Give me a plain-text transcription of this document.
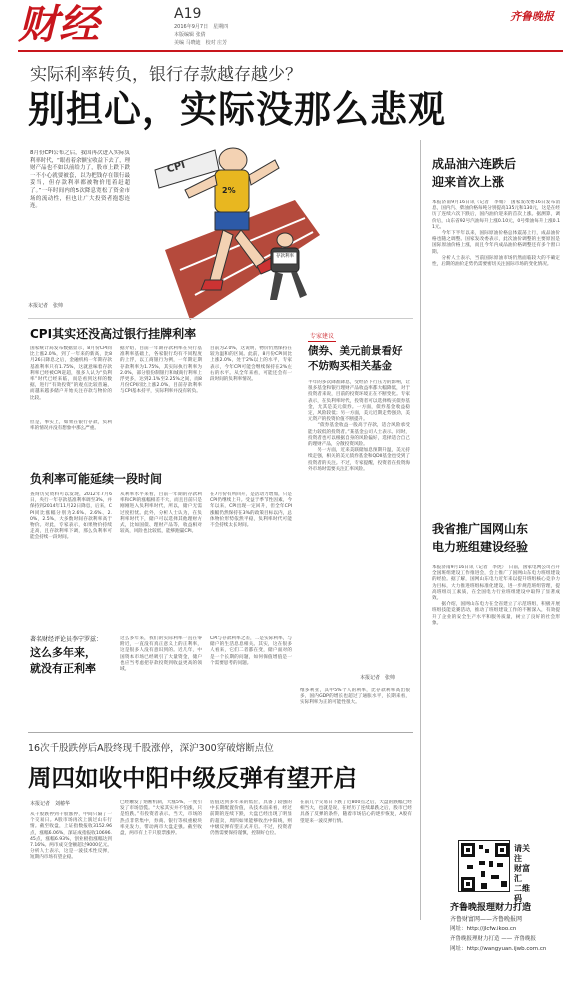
财经	A19
2016年9月7日　星期四
本版编辑 张倩
美编 马晓迪　校对 庄芳
齐鲁晚报
实际利率转负，银行存款越存越少？
别担心，实际没那么悲观
8月份CPI公布之后，我国再次进入实际负利率时代，“眼看着余额宝收益下去了，理财产品也不如以前给力了，股市上跌下跌一不小心就要被套，以为把钱存在银行最妥当，但存款利率都被物价甩着赶超了。”一年时间内的5次降息宽松了资金市场的流动性，但也让广大投资者抱怨连连。
本报记者　张帅
CPI
2%
存款利率
成品油六连跌后
迎来首次上涨
本报济南9月16日讯（记者　李娟）　国家发改委16日发布消息，国内汽、柴油价格每吨分别提高135元和130元，这是在经历了连续六次下跌后，国内油价迎来的首次上涨。据测算，调价后，山东省92号汽油每升上涨0.10元，0号柴油每升上涨0.11元。
　　今年下半年以来，国际原油价格总体震荡上行，成品油价格也随之调整。国家发改委表示，此次油价调整的主要原因是国际原油价格上涨，而且今年内成品油价格调整还有多个窗口期。
　　分析人士表示，当前国际原油市场仍然面临较大的不确定性，后期的油价走势仍需要密切关注国际市场的变化情况。
我省推广国网山东
电力班组建设经验
本报济南9月16日讯（记者　李虎）　日前，国家电网公司召开全国班组建设工作推进会，会上推广了国网山东电力班组建设的经验。据了解，国网山东电力近年来以提升班组核心竞争力为目标，大力推进班组标准化建设，进一步规范班组管理，提高班组员工素质，在全国电力行业班组建设中取得了显著成效。
　　据介绍，国网山东电力在全省建立了示范班组，积极开展班组技能竞赛活动，推动了班组建设工作的不断深入，有效提升了企业的安全生产水平和服务质量，树立了良好的社会形象。
CPI其实还没高过银行挂牌利率
国家统计局发布数据显示，8月份CPI同比上涨2.0%，到了一年来的新高，比8月26日降息之后，金融机构一年期存款基准利率只有1.75%，这就意味着存款利率已经被CPI赶超，很多人认为“负利率”时代已经来临，而是看到这样的数据，进行“有效投资”的观点比较普遍，而越来越多储户开始关注存款与物价的比较。
但是，事实上，如果在银行存款，负利率的情况并没有想象中那么严重。
据介绍，目前一年期存款利率在央行基准利率基础上，各家银行均有不同程度的上浮，以工商银行为例，一年期定期存款利率为1.75%，其实际执行利率为2.0%，部分股份制银行和城商行利率上浮更多，达到2.1%至2.25%之间，而8月份CPI同比上涨2.0%，目前存款利率与CPI基本持平，实际利率并没有转负。
目前为2.0%，这说明，物价仍然保持在较为温和的区间。此前，8月份CPI同比上涨2.0%，处于2%以上的水平，专家表示，今年CPI可能会继续保持在2%左右的水平。从全年来看，可能还会有一段时间的负利率情况。
专家建议
债券、美元前景看好
不妨购买相关基金
半年的多次降准降息，受经济下行压力的影响，让很多基金和银行理财产品收益率都大幅降低，对于投资者来说，目前的投资环境正在不断变化。专家表示，在负利率时代，投资者可以选择购买债券基金，尤其是美元债券。一方面，债券基金收益稳定，风险较低；另一方面，美元近期走势强劲，美元资产的投资价值不断提升。
　　“债券基金收益一般高于存款，适合风险承受能力较低的投资者。”某基金公司人士表示。同时，投资者也可以根据自身的风险偏好，选择适合自己的理财产品，分散投资风险。
　　另一方面，近来美联储加息预期升温，美元持续走强，相关的美元债券基金和QDII基金也受到了投资者的关注。不过，专家提醒，投资者在投资海外市场时需要关注汇率风险。
本报记者　张帅
负利率可能延续一段时间
查询历史资料可以发现，2012年7月6日，央行一年存款基准利率调至3%，并保持到2014年11月22日降息，后来，CPI同比涨幅分别为2.6%、2.6%、2.0%，2.5%，大多数时间存款利率高于物价。对此，专家表示，如果物价持续走高，且存款利率下调，那么负利率可能会持续一段时间。
从利率水平来看，目前一年期的存款利率和CPI的涨幅相差不大，而且目前只是刚刚进入负利率时代，所以，储户无需过度担忧。此外，分析人士认为，在负利率时代下，储户可以选择其他理财方式，比如国债、理财产品等，收益相对较高，风险也比较低，能够跑赢CPI。
在7月份有所回升，是活动力增加，只是CPI仍继续上升。受益于季节性因素，今年以来，CPI出现一定回升，但全年CPI涨幅仍然保持在3%的政策目标以内，总体物价形势依然平稳，负利率时代可能不会持续太长时间。
著名财经评论员李宁罗兹：
这么多年来，
就没有正利率
这么多年来，我们的实际利率一直在零附近，一直没有真正意义上的正利率，这是很多人没有意识到的。近几年，中国资本市场已经吸引了大量资金，储户也应当考虑把存款投资到收益更高的领域。
CPI与存款利率之差，二是实际利率，与储户的生活息息相关。其实，这在很多人看来，它们二者都在变，储户面对的是一个长期的问题，如何保值增值是一个需要思考的问题。
维多利亚，其中5%个人的利率，比存款利率高出很多，国内GDP的增长也超过了通胀水平，长期来看，实际利率为正的可能性很大。
16次千股跌停后A股终现千股涨停，深沪300穿破熔断点位
周四如收中阳中级反弹有望开启
本报记者　刘椿华
从千股跌停到千股涨停，中间只隔了一个交易日。A股市场再次上演过山车行情。截至收盘，上证指数报收3152.96点，涨幅6.06%，深证成指报收10696.45点，涨幅6.93%，创业板指涨幅达到7.16%。两市成交金额超过9000亿元。分析人士表示，这是一波技术性反弹，短期内市场有望企稳。
已经触发了熔断机制，大涨5%，一度引发了市场恐慌。“大家其实并不怕涨，只是怕跌。”有投资者表示。当天，市场的热点非常集中，券商、银行等权重板块率先发力，带动两市大盘走强。截至收盘，两市有上千只股票涨停。
估值达到多年来的低位，具备了较强的中长期配置价值，从技术面来看，经过前期的连续下跌，大盘已经出现了明显的超卖，周四如果能够收出中阳线，则中级反弹有望正式开启。不过，投资者仍然需要保持谨慎，控制好仓位。
在前几个交易日下跌了近800点之后，大盘的跌幅已经相当大，也就是说，在经历了连续暴跌之后，股市已经具备了反弹的条件，随着市场信心的逐步恢复，A股有望迎来一波反弹行情。
请关注
财富汇
二维码
齐鲁晚报理财力打造
齐鲁财富网——齐鲁晚报网
网址：http://jlcfw.ikoo.cn
齐鲁晚报理财力打造 —— 齐鲁晚报
网址：http://wangyuan.ijwb.com.cn
